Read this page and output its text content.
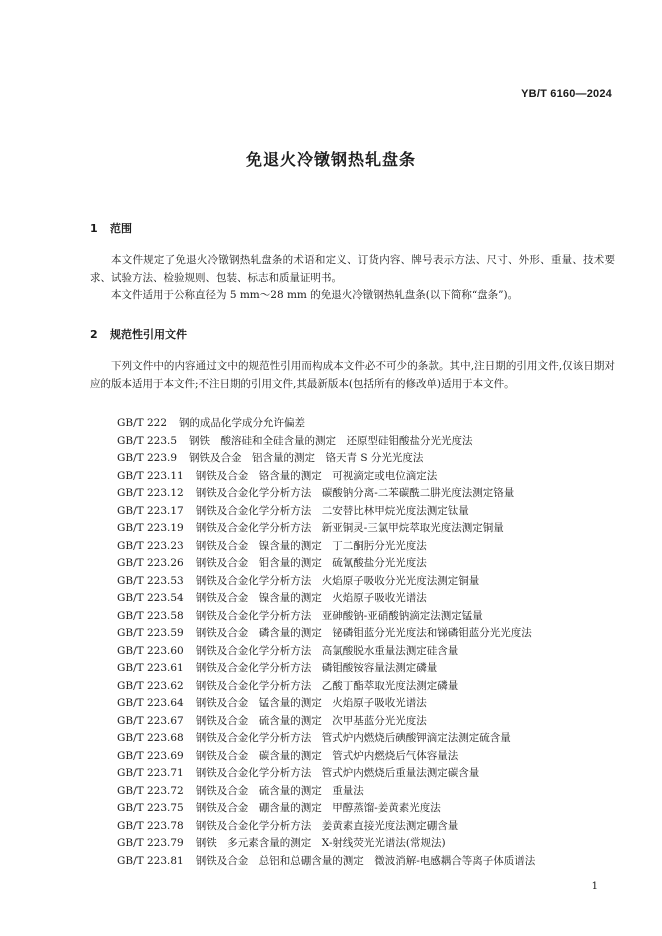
YB/T 6160—2024
免退火冷镦钢热轧盘条
1 范围

本文件规定了免退火冷镦钢热轧盘条的术语和定义、订货内容、牌号表示方法、尺寸、外形、重量、技术要求、试验方法、检验规则、包装、标志和质量证明书。

本文件适用于公称直径为 5 mm～28 mm 的免退火冷镦钢热轧盘条(以下简称“盘条”)。

2 规范性引用文件

下列文件中的内容通过文中的规范性引用而构成本文件必不可少的条款。其中,注日期的引用文件,仅该日期对应的版本适用于本文件;不注日期的引用文件,其最新版本(包括所有的修改单)适用于本文件。

GB/T 222 钢的成品化学成分允许偏差
GB/T 223.5 钢铁　酸溶硅和全硅含量的测定　还原型硅钼酸盐分光光度法
GB/T 223.9 钢铁及合金　铝含量的测定　铬天青 S 分光光度法
GB/T 223.11 钢铁及合金　铬含量的测定　可视滴定或电位滴定法
GB/T 223.12 钢铁及合金化学分析方法　碳酸钠分离-二苯碳酰二肼光度法测定铬量
GB/T 223.17 钢铁及合金化学分析方法　二安替比林甲烷光度法测定钛量
GB/T 223.19 钢铁及合金化学分析方法　新亚铜灵-三氯甲烷萃取光度法测定铜量
GB/T 223.23 钢铁及合金　镍含量的测定　丁二酮肟分光光度法
GB/T 223.26 钢铁及合金　钼含量的测定　硫氰酸盐分光光度法
GB/T 223.53 钢铁及合金化学分析方法　火焰原子吸收分光光度法测定铜量
GB/T 223.54 钢铁及合金　镍含量的测定　火焰原子吸收光谱法
GB/T 223.58 钢铁及合金化学分析方法　亚砷酸钠-亚硝酸钠滴定法测定锰量
GB/T 223.59 钢铁及合金　磷含量的测定　铋磷钼蓝分光光度法和锑磷钼蓝分光光度法
GB/T 223.60 钢铁及合金化学分析方法　高氯酸脱水重量法测定硅含量
GB/T 223.61 钢铁及合金化学分析方法　磷钼酸铵容量法测定磷量
GB/T 223.62 钢铁及合金化学分析方法　乙酸丁酯萃取光度法测定磷量
GB/T 223.64 钢铁及合金　锰含量的测定　火焰原子吸收光谱法
GB/T 223.67 钢铁及合金　硫含量的测定　次甲基蓝分光光度法
GB/T 223.68 钢铁及合金化学分析方法　管式炉内燃烧后碘酸钾滴定法测定硫含量
GB/T 223.69 钢铁及合金　碳含量的测定　管式炉内燃烧后气体容量法
GB/T 223.71 钢铁及合金化学分析方法　管式炉内燃烧后重量法测定碳含量
GB/T 223.72 钢铁及合金　硫含量的测定　重量法
GB/T 223.75 钢铁及合金　硼含量的测定　甲醇蒸馏-姜黄素光度法
GB/T 223.78 钢铁及合金化学分析方法　姜黄素直接光度法测定硼含量
GB/T 223.79 钢铁　多元素含量的测定　X-射线荧光光谱法(常规法)
GB/T 223.81 钢铁及合金　总铝和总硼含量的测定　微波消解-电感耦合等离子体质谱法
1
